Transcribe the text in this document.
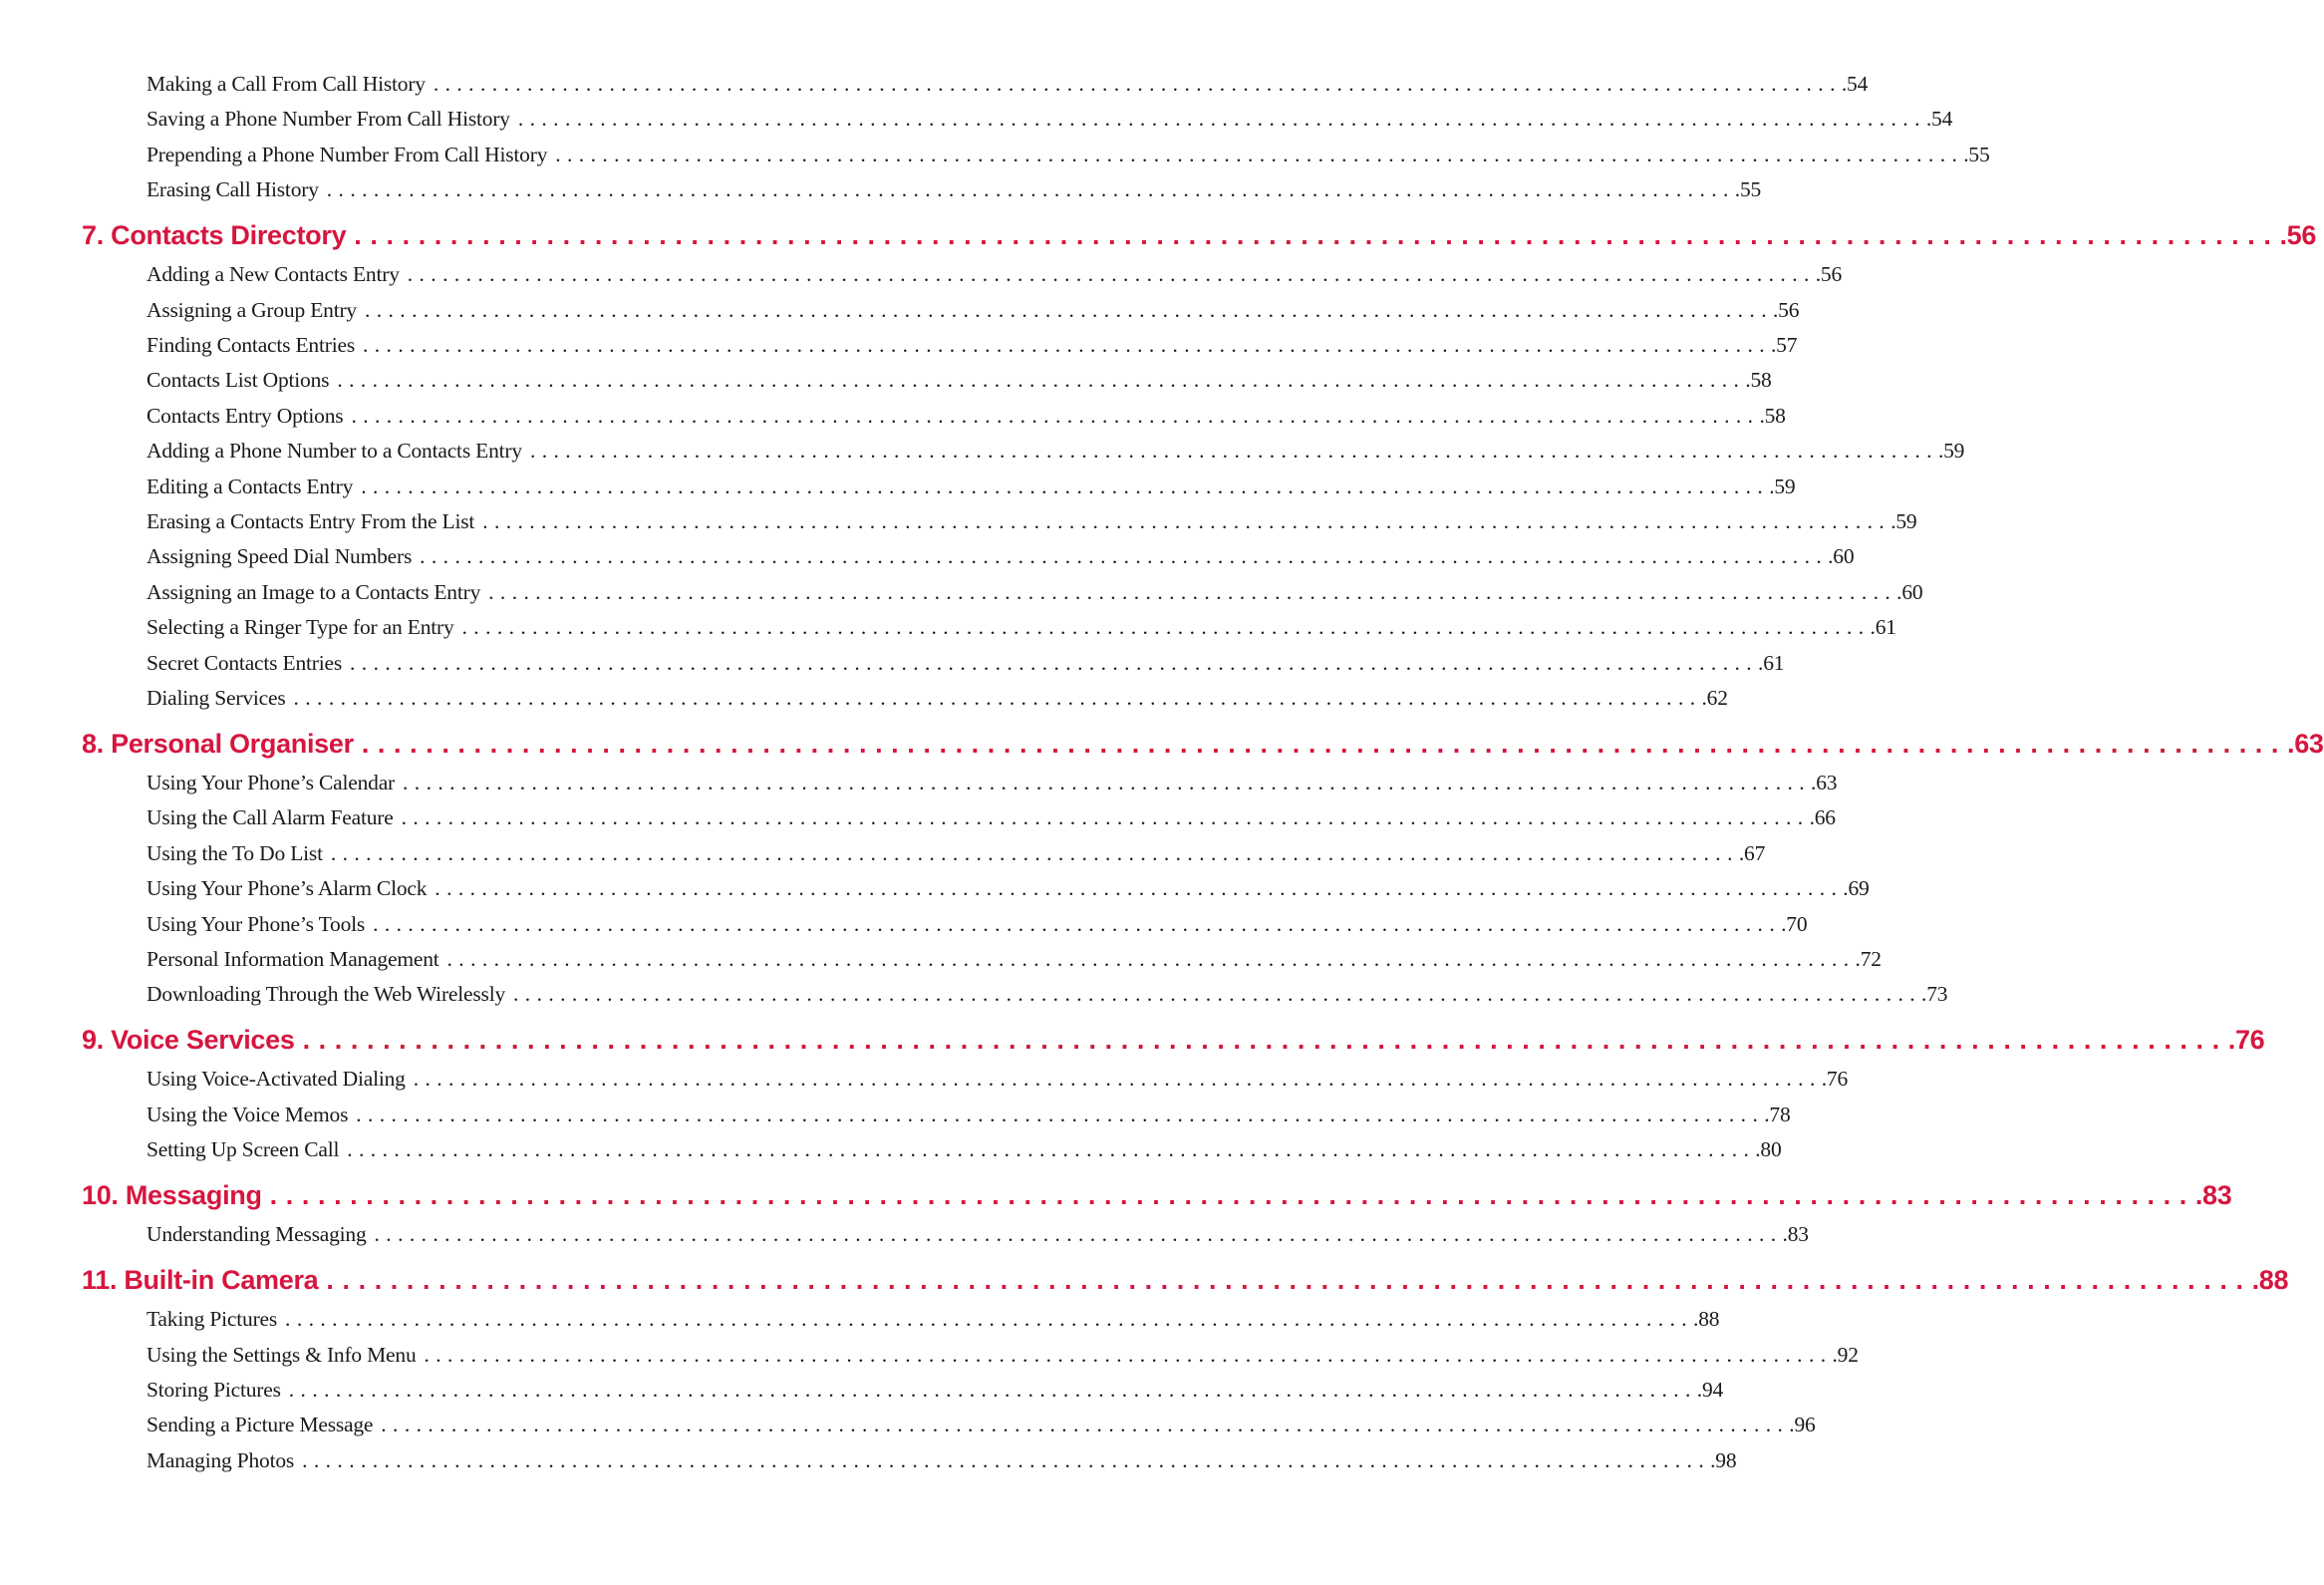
Making a Call From Call History ........................................................................................................................ .54
Saving a Phone Number From Call History ........................................................................................................................ .54
Prepending a Phone Number From Call History ........................................................................................................................ .55
Erasing Call History ........................................................................................................................ .55
7. Contacts Directory ........................................................................................................................ .56
Adding a New Contacts Entry ........................................................................................................................ .56
Assigning a Group Entry ........................................................................................................................ .56
Finding Contacts Entries ........................................................................................................................ .57
Contacts List Options ........................................................................................................................ .58
Contacts Entry Options ........................................................................................................................ .58
Adding a Phone Number to a Contacts Entry ........................................................................................................................ .59
Editing a Contacts Entry ........................................................................................................................ .59
Erasing a Contacts Entry From the List ........................................................................................................................ .59
Assigning Speed Dial Numbers ........................................................................................................................ .60
Assigning an Image to a Contacts Entry ........................................................................................................................ .60
Selecting a Ringer Type for an Entry ........................................................................................................................ .61
Secret Contacts Entries ........................................................................................................................ .61
Dialing Services ........................................................................................................................ .62
8. Personal Organiser ........................................................................................................................ .63
Using Your Phone’s Calendar ........................................................................................................................ .63
Using the Call Alarm Feature ........................................................................................................................ .66
Using the To Do List ........................................................................................................................ .67
Using Your Phone’s Alarm Clock ........................................................................................................................ .69
Using Your Phone’s Tools ........................................................................................................................ .70
Personal Information Management ........................................................................................................................ .72
Downloading Through the Web Wirelessly ........................................................................................................................ .73
9. Voice Services ........................................................................................................................ .76
Using Voice-Activated Dialing ........................................................................................................................ .76
Using the Voice Memos ........................................................................................................................ .78
Setting Up Screen Call ........................................................................................................................ .80
10. Messaging ........................................................................................................................ .83
Understanding Messaging ........................................................................................................................ .83
11. Built-in Camera ........................................................................................................................ .88
Taking Pictures ........................................................................................................................ .88
Using the Settings & Info Menu ........................................................................................................................ .92
Storing Pictures ........................................................................................................................ .94
Sending a Picture Message ........................................................................................................................ .96
Managing Photos ........................................................................................................................ .98
